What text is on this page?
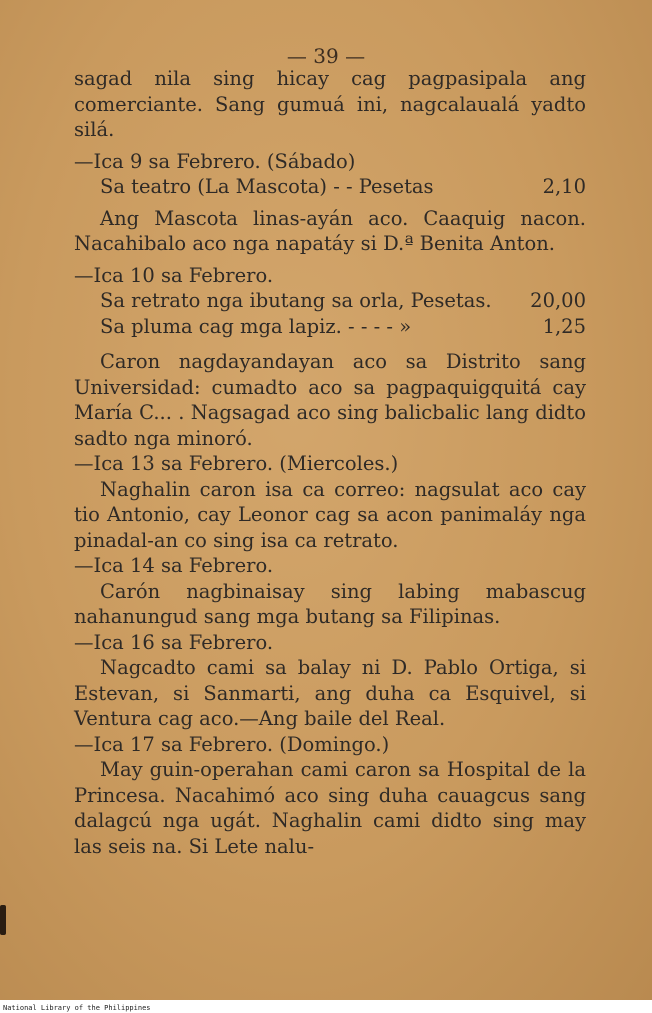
— 39 —

sagad nila sing hicay cag pagpasipala ang comerciante. Sang gumuá ini, nagcalaualá yadto silá.

—Ica 9 sa Febrero. (Sábado)

Sa teatro (La Mascota) - - Pesetas	2,10

Ang Mascota linas-ayán aco. Caaquig nacon. Nacahibalo aco nga napatáy si D.ª Benita Anton.

—Ica 10 sa Febrero.

Sa retrato nga ibutang sa orla, Pesetas. 20,00
Sa pluma cag mga lapiz. - - - - »	1,25

Caron nagdayandayan aco sa Distrito sang Universidad: cumadto aco sa pagpaquigquitá cay María C... . Nagsagad aco sing balicbalic lang didto sadto nga minoró.

—Ica 13 sa Febrero. (Miercoles.)

Naghalin caron isa ca correo: nagsulat aco cay tio Antonio, cay Leonor cag sa acon panimaláy nga pinadal-an co sing isa ca retrato.

—Ica 14 sa Febrero.

Carón nagbinaisay sing labing mabascug nahanungud sang mga butang sa Filipinas.

—Ica 16 sa Febrero.

Nagcadto cami sa balay ni D. Pablo Ortiga, si Estevan, si Sanmarti, ang duha ca Esquivel, si Ventura cag aco.—Ang baile del Real.

—Ica 17 sa Febrero. (Domingo.)

May guin-operahan cami caron sa Hospital de la Princesa. Nacahimó aco sing duha cauagcus sang dalagcú nga ugát. Naghalin cami didto sing may las seis na. Si Lete nalu-

National Library of the Philippines
